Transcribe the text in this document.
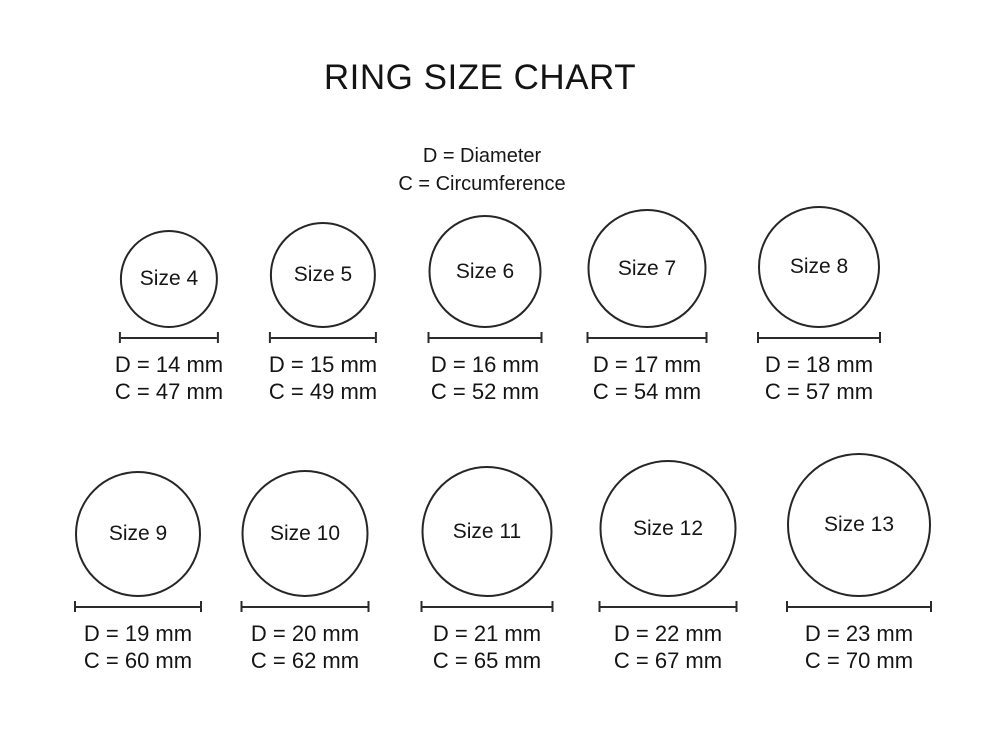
RING SIZE CHART
D = Diameter
C = Circumference
Size 4
D = 14 mm
C = 47 mm
Size 5
D = 15 mm
C = 49 mm
Size 6
D = 16 mm
C = 52 mm
Size 7
D = 17 mm
C = 54 mm
Size 8
D = 18 mm
C = 57 mm
Size 9
D = 19 mm
C = 60 mm
Size 10
D = 20 mm
C = 62 mm
Size 11
D = 21 mm
C = 65 mm
Size 12
D = 22 mm
C = 67 mm
Size 13
D = 23 mm
C = 70 mm
